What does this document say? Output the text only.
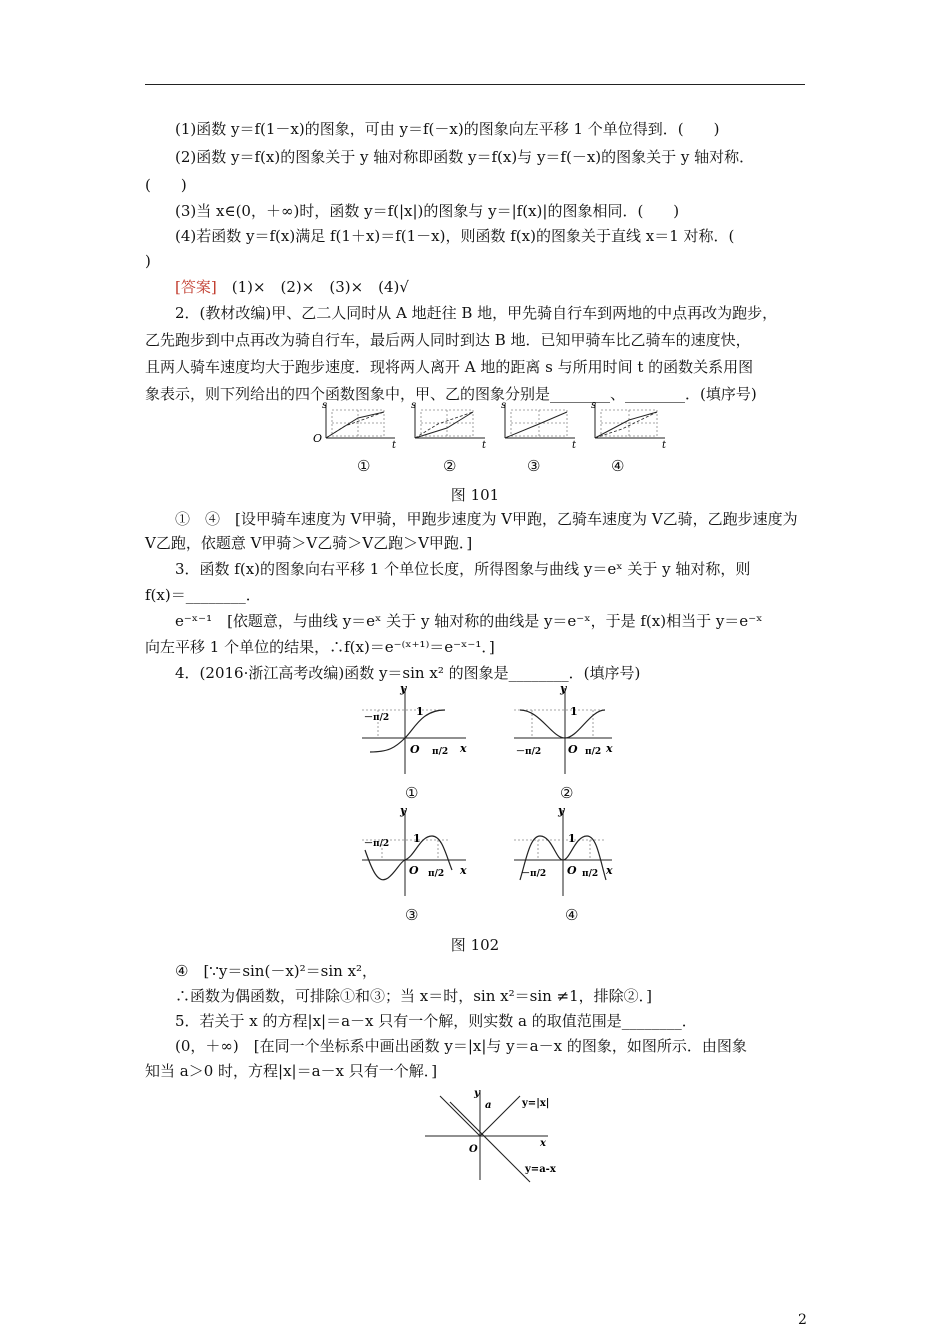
(1)函数 y＝f(1－x)的图象，可由 y＝f(－x)的图象向左平移 1 个单位得到．(　　)
(2)函数 y＝f(x)的图象关于 y 轴对称即函数 y＝f(x)与 y＝f(－x)的图象关于 y 轴对称．
(　　)
(3)当 x∈(0，＋∞)时，函数 y＝f(|x|)的图象与 y＝|f(x)|的图象相同．(　　)
(4)若函数 y＝f(x)满足 f(1＋x)＝f(1－x)，则函数 f(x)的图象关于直线 x＝1 对称．(
)
[答案]　(1)×　(2)×　(3)×　(4)√
2．(教材改编)甲、乙二人同时从 A 地赶往 B 地，甲先骑自行车到两地的中点再改为跑步，
乙先跑步到中点再改为骑自行车，最后两人同时到达 B 地．已知甲骑车比乙骑车的速度快，
且两人骑车速度均大于跑步速度．现将两人离开 A 地的距离 s 与所用时间 t 的函数关系用图
象表示，则下列给出的四个函数图象中，甲、乙的图象分别是________、________．(填序号)
s
O
t
s
t
s
t
s
t
①	②	③	④
图 101
①　④　[设甲骑车速度为 V甲骑，甲跑步速度为 V甲跑，乙骑车速度为 V乙骑，乙跑步速度为
V乙跑，依题意 V甲骑＞V乙骑＞V乙跑＞V甲跑．]
3．函数 f(x)的图象向右平移 1 个单位长度，所得图象与曲线 y＝eˣ 关于 y 轴对称，则
f(x)＝________．
e⁻ˣ⁻¹　[依题意，与曲线 y＝eˣ 关于 y 轴对称的曲线是 y＝e⁻ˣ，于是 f(x)相当于 y＝e⁻ˣ
向左平移 1 个单位的结果，∴f(x)＝e⁻⁽ˣ⁺¹⁾＝e⁻ˣ⁻¹．]
4．(2016·浙江高考改编)函数 y＝sin x² 的图象是________．(填序号)
y
x
O
1
－π/2
π/2
y
x
O
1
－π/2	π/2
y
x
O
1
－π/2
π/2
y
x
O
1
－π/2	π/2
①	②
③	④
图 102
④　[∵y＝sin(－x)²＝sin x²，
∴函数为偶函数，可排除①和③；当 x＝时，sin x²＝sin ≠1，排除②．]
5．若关于 x 的方程|x|＝a－x 只有一个解，则实数 a 的取值范围是________．
(0，＋∞)　[在同一个坐标系中画出函数 y＝|x|与 y＝a－x 的图象，如图所示．由图象
知当 a＞0 时，方程|x|＝a－x 只有一个解．]
y
x
O
a	y=|x|
y=a-x
2
